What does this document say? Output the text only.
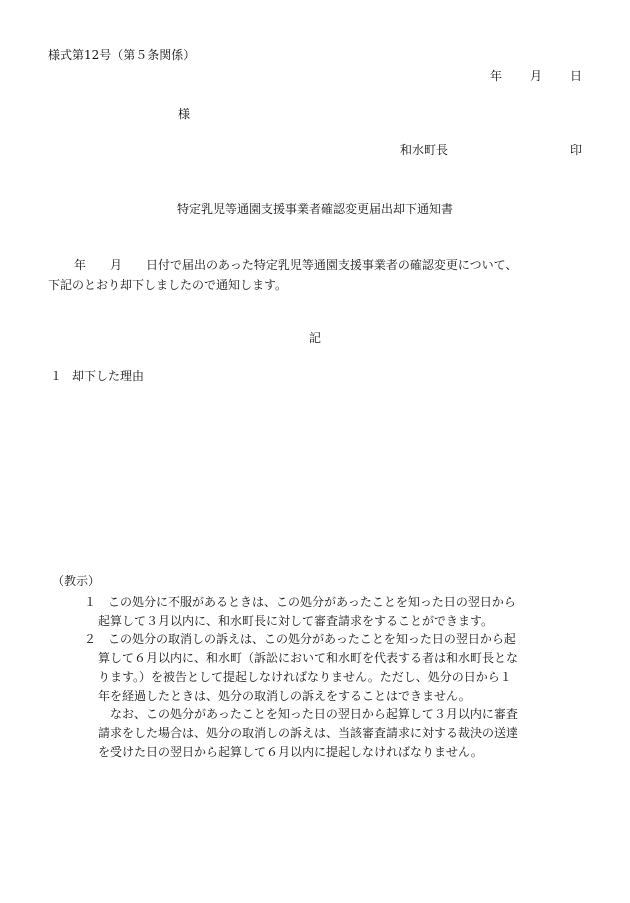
様式第12号（第５条関係）
年 月 日
様
和水町長	印
特定乳児等通園支援事業者確認変更届出却下通知書
年　　月　　日付で届出のあった特定乳児等通園支援事業者の確認変更について、
下記のとおり却下しましたので通知します。
記
１ 却下した理由
（教示）
１　この処分に不服があるときは、この処分があったことを知った日の翌日から
起算して３月以内に、和水町長に対して審査請求をすることができます。
２　この処分の取消しの訴えは、この処分があったことを知った日の翌日から起
算して６月以内に、和水町（訴訟において和水町を代表する者は和水町長とな
ります。）を被告として提起しなければなりません。ただし、処分の日から１
年を経過したときは、処分の取消しの訴えをすることはできません。
なお、この処分があったことを知った日の翌日から起算して３月以内に審査
請求をした場合は、処分の取消しの訴えは、当該審査請求に対する裁決の送達
を受けた日の翌日から起算して６月以内に提起しなければなりません。
